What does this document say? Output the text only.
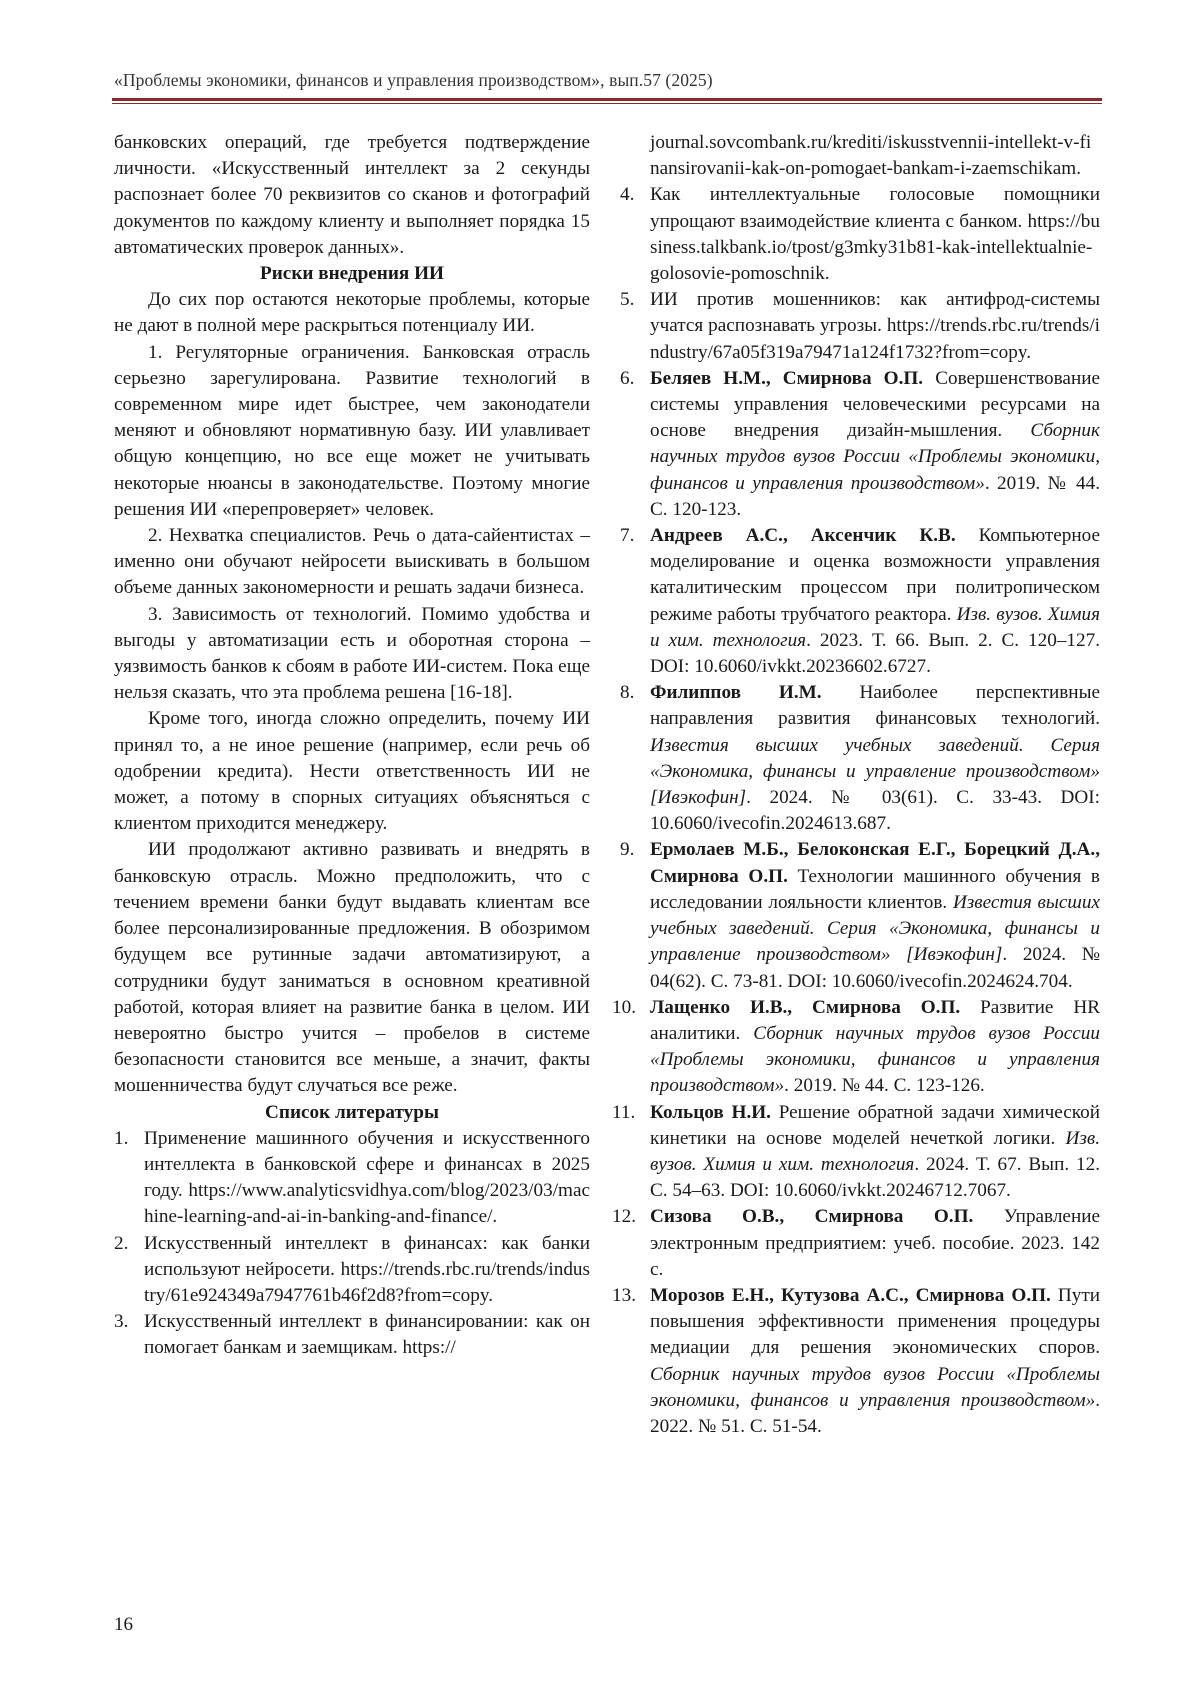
«Проблемы экономики, финансов и управления производством», вып.57 (2025)

банковских операций, где требуется подтверждение личности. «Искусственный интеллект за 2 секунды распознает более 70 реквизитов со сканов и фотографий документов по каждому клиенту и выполняет порядка 15 автоматических проверок данных».

Риски внедрения ИИ

До сих пор остаются некоторые проблемы, которые не дают в полной мере раскрыться потенциалу ИИ.

1. Регуляторные ограничения. Банковская отрасль серьезно зарегулирована. Развитие технологий в современном мире идет быстрее, чем законодатели меняют и обновляют нормативную базу. ИИ улавливает общую концепцию, но все еще может не учитывать некоторые нюансы в законодательстве. Поэтому многие решения ИИ «перепроверяет» человек.

2. Нехватка специалистов. Речь о дата-сайентистах – именно они обучают нейросети выискивать в большом объеме данных закономерности и решать задачи бизнеса.

3. Зависимость от технологий. Помимо удобства и выгоды у автоматизации есть и оборотная сторона – уязвимость банков к сбоям в работе ИИ-систем. Пока еще нельзя сказать, что эта проблема решена [16-18].

Кроме того, иногда сложно определить, почему ИИ принял то, а не иное решение (например, если речь об одобрении кредита). Нести ответственность ИИ не может, а потому в спорных ситуациях объясняться с клиентом приходится менеджеру.

ИИ продолжают активно развивать и внедрять в банковскую отрасль. Можно предположить, что с течением времени банки будут выдавать клиентам все более персонализированные предложения. В обозримом будущем все рутинные задачи автоматизируют, а сотрудники будут заниматься в основном креативной работой, которая влияет на развитие банка в целом. ИИ невероятно быстро учится – пробелов в системе безопасности становится все меньше, а значит, факты мошенничества будут случаться все реже.

Список литературы

1. Применение машинного обучения и искусственного интеллекта в банковской сфере и финансах в 2025 году. https://www.analyticsvidhya.com/blog/2023/03/machine-learning-and-ai-in-banking-and-finance/.
2. Искусственный интеллект в финансах: как банки используют нейросети. https://trends.rbc.ru/trends/industry/61e924349a7947761b46f2d8?from=copy.
3. Искусственный интеллект в финансировании: как он помогает банкам и заемщикам. https://
journal.sovcombank.ru/krediti/iskusstvennii-intellekt-v-finansirovanii-kak-on-pomogaet-bankam-i-zaemschikam.
4. Как интеллектуальные голосовые помощники упрощают взаимодействие клиента с банком. https://business.talkbank.io/tpost/g3mky31b81-kak-intellektualnie-golosovie-pomoschnik.
5. ИИ против мошенников: как антифрод-системы учатся распознавать угрозы. https://trends.rbc.ru/trends/industry/67a05f319a79471a124f1732?from=copy.
6. Беляев Н.М., Смирнова О.П. Совершенствование системы управления человеческими ресурсами на основе внедрения дизайн-мышления. Сборник научных трудов вузов России «Проблемы экономики, финансов и управления производством». 2019. № 44. С. 120-123.
7. Андреев А.С., Аксенчик К.В. Компьютерное моделирование и оценка возможности управления каталитическим процессом при политропическом режиме работы трубчатого реактора. Изв. вузов. Химия и хим. технология. 2023. Т. 66. Вып. 2. С. 120–127. DOI: 10.6060/ivkkt.20236602.6727.
8. Филиппов И.М. Наиболее перспективные направления развития финансовых технологий. Известия высших учебных заведений. Серия «Экономика, финансы и управление производством» [Ивэкофин]. 2024. № 03(61). С. 33-43. DOI: 10.6060/ivecofin.2024613.687.
9. Ермолаев М.Б., Белоконская Е.Г., Борецкий Д.А., Смирнова О.П. Технологии машинного обучения в исследовании лояльности клиентов. Известия высших учебных заведений. Серия «Экономика, финансы и управление производством» [Ивэкофин]. 2024. № 04(62). С. 73-81. DOI: 10.6060/ivecofin.2024624.704.
10. Лащенко И.В., Смирнова О.П. Развитие HR аналитики. Сборник научных трудов вузов России «Проблемы экономики, финансов и управления производством». 2019. № 44. С. 123-126.
11. Кольцов Н.И. Решение обратной задачи химической кинетики на основе моделей нечеткой логики. Изв. вузов. Химия и хим. технология. 2024. Т. 67. Вып. 12. С. 54–63. DOI: 10.6060/ivkkt.20246712.7067.
12. Сизова О.В., Смирнова О.П. Управление электронным предприятием: учеб. пособие. 2023. 142 с.
13. Морозов Е.Н., Кутузова А.С., Смирнова О.П. Пути повышения эффективности применения процедуры медиации для решения экономических споров. Сборник научных трудов вузов России «Проблемы экономики, финансов и управления производством». 2022. № 51. С. 51-54.
16
